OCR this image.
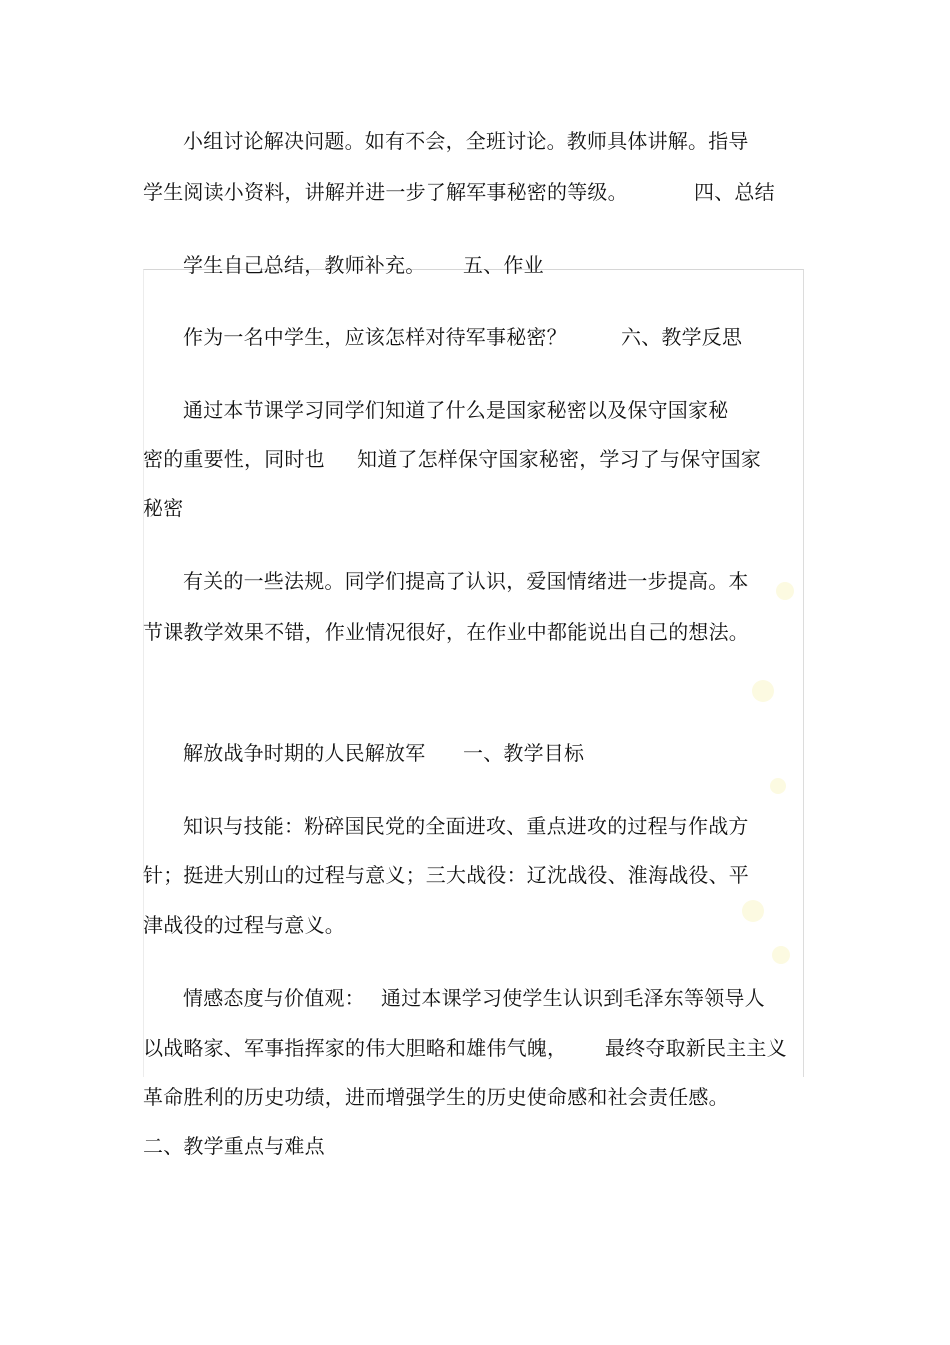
小组讨论解决问题。如有不会，全班讨论。教师具体讲解。指导
学生阅读小资料，讲解并进一步了解军事秘密的等级。	四、总结
学生自己总结，教师补充。 五、作业
作为一名中学生，应该怎样对待军事秘密？	六、教学反思
通过本节课学习同学们知道了什么是国家秘密以及保守国家秘
密的重要性，同时也 知道了怎样保守国家秘密，学习了与保守国家
秘密
有关的一些法规。同学们提高了认识，爱国情绪进一步提高。本
节课教学效果不错，作业情况很好，在作业中都能说出自己的想法。
解放战争时期的人民解放军 一、教学目标
知识与技能：粉碎国民党的全面进攻、重点进攻的过程与作战方
针；挺进大别山的过程与意义；三大战役：辽沈战役、淮海战役、平
津战役的过程与意义。
情感态度与价值观： 通过本课学习使学生认识到毛泽东等领导人
以战略家、军事指挥家的伟大胆略和雄伟气魄， 最终夺取新民主主义
革命胜利的历史功绩，进而增强学生的历史使命感和社会责任感。
二、教学重点与难点
